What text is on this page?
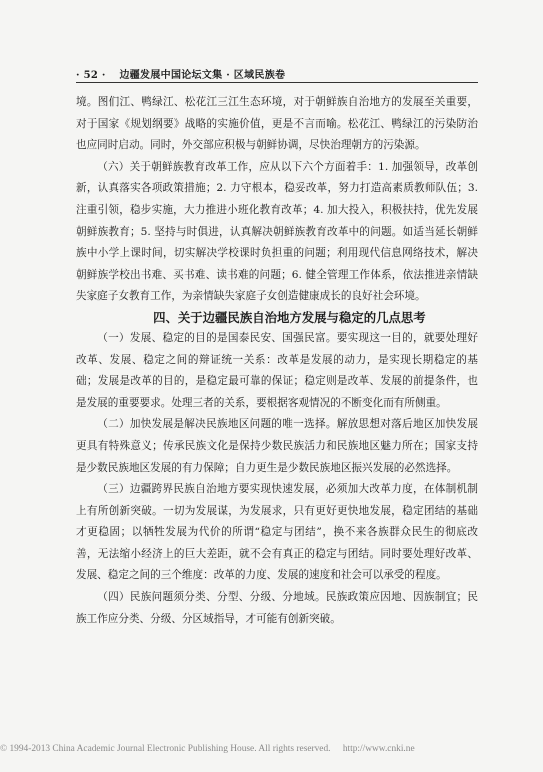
· 52 · 边疆发展中国论坛文集 · 区域民族卷

境。图们江、鸭绿江、松花江三江生态环境，对于朝鲜族自治地方的发展至关重要，对于国家《规划纲要》战略的实施价值，更是不言而喻。松花江、鸭绿江的污染防治也应同时启动。同时，外交部应积极与朝鲜协调，尽快治理朝方的污染源。

（六）关于朝鲜族教育改革工作，应从以下六个方面着手：1. 加强领导，改革创新，认真落实各项政策措施；2. 力守根本，稳妥改革，努力打造高素质教师队伍；3. 注重引领，稳步实施，大力推进小班化教育改革；4. 加大投入，积极扶持，优先发展朝鲜族教育；5. 坚持与时俱进，认真解决朝鲜族教育改革中的问题。如适当延长朝鲜族中小学上课时间，切实解决学校课时负担重的问题；利用现代信息网络技术，解决朝鲜族学校出书难、买书难、读书难的问题；6. 健全管理工作体系，依法推进亲情缺失家庭子女教育工作，为亲情缺失家庭子女创造健康成长的良好社会环境。

四、关于边疆民族自治地方发展与稳定的几点思考

（一）发展、稳定的目的是国泰民安、国强民富。要实现这一目的，就要处理好改革、发展、稳定之间的辩证统一关系：改革是发展的动力，是实现长期稳定的基础；发展是改革的目的，是稳定最可靠的保证；稳定则是改革、发展的前提条件，也是发展的重要要求。处理三者的关系，要根据客观情况的不断变化而有所侧重。

（二）加快发展是解决民族地区问题的唯一选择。解放思想对落后地区加快发展更具有特殊意义；传承民族文化是保持少数民族活力和民族地区魅力所在；国家支持是少数民族地区发展的有力保障；自力更生是少数民族地区振兴发展的必然选择。

（三）边疆跨界民族自治地方要实现快速发展，必须加大改革力度，在体制机制上有所创新突破。一切为发展谋，为发展求，只有更好更快地发展，稳定团结的基础才更稳固；以牺牲发展为代价的所谓“稳定与团结”，换不来各族群众民生的彻底改善，无法缩小经济上的巨大差距，就不会有真正的稳定与团结。同时要处理好改革、发展、稳定之间的三个维度：改革的力度、发展的速度和社会可以承受的程度。

（四）民族问题须分类、分型、分级、分地域。民族政策应因地、因族制宜；民族工作应分类、分级、分区域指导，才可能有创新突破。

© 1994-2013 China Academic Journal Electronic Publishing House. All rights reserved. http://www.cnki.ne
